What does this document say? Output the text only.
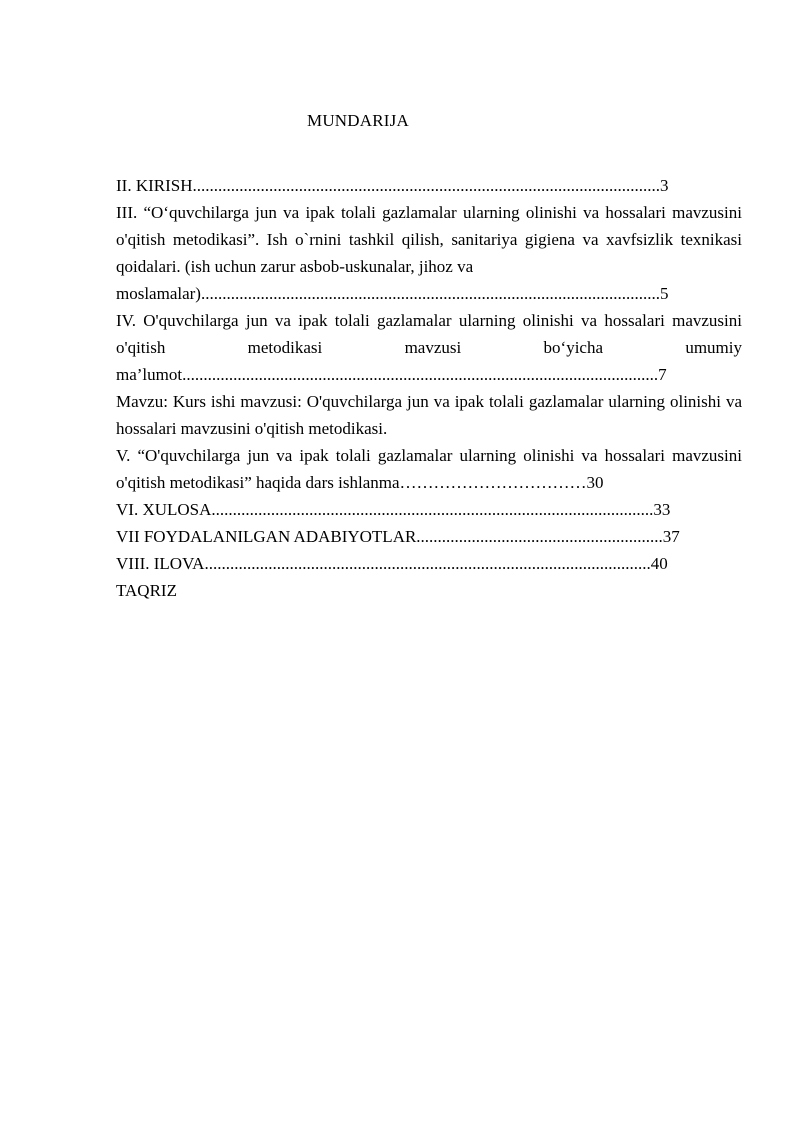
MUNDARIJA

II. KIRISH..............................................................................................................3

III. “O‘quvchilarga jun va ipak tolali gazlamalar ularning olinishi va hossalari mavzusini o'qitish metodikasi”. Ish o`rnini tashkil qilish, sanitariya gigiena va xavfsizlik texnikasi qoidalari. (ish uchun zarur asbob-uskunalar, jihoz va

moslamalar)............................................................................................................5

IV. O'quvchilarga jun va ipak tolali gazlamalar ularning olinishi va hossalari mavzusini o'qitish metodikasi mavzusi bo‘yicha umumiy

ma’lumot................................................................................................................7

Mavzu: Kurs ishi mavzusi: O'quvchilarga jun va ipak tolali gazlamalar ularning olinishi va hossalari mavzusini o'qitish metodikasi.

V. “O'quvchilarga jun va ipak tolali gazlamalar ularning olinishi va hossalari mavzusini o'qitish metodikasi” haqida dars ishlanma……………………………30

VI. XULOSA........................................................................................................33

VII FOYDALANILGAN ADABIYOTLAR..........................................................37

VIII. ILOVA.........................................................................................................40

TAQRIZ
